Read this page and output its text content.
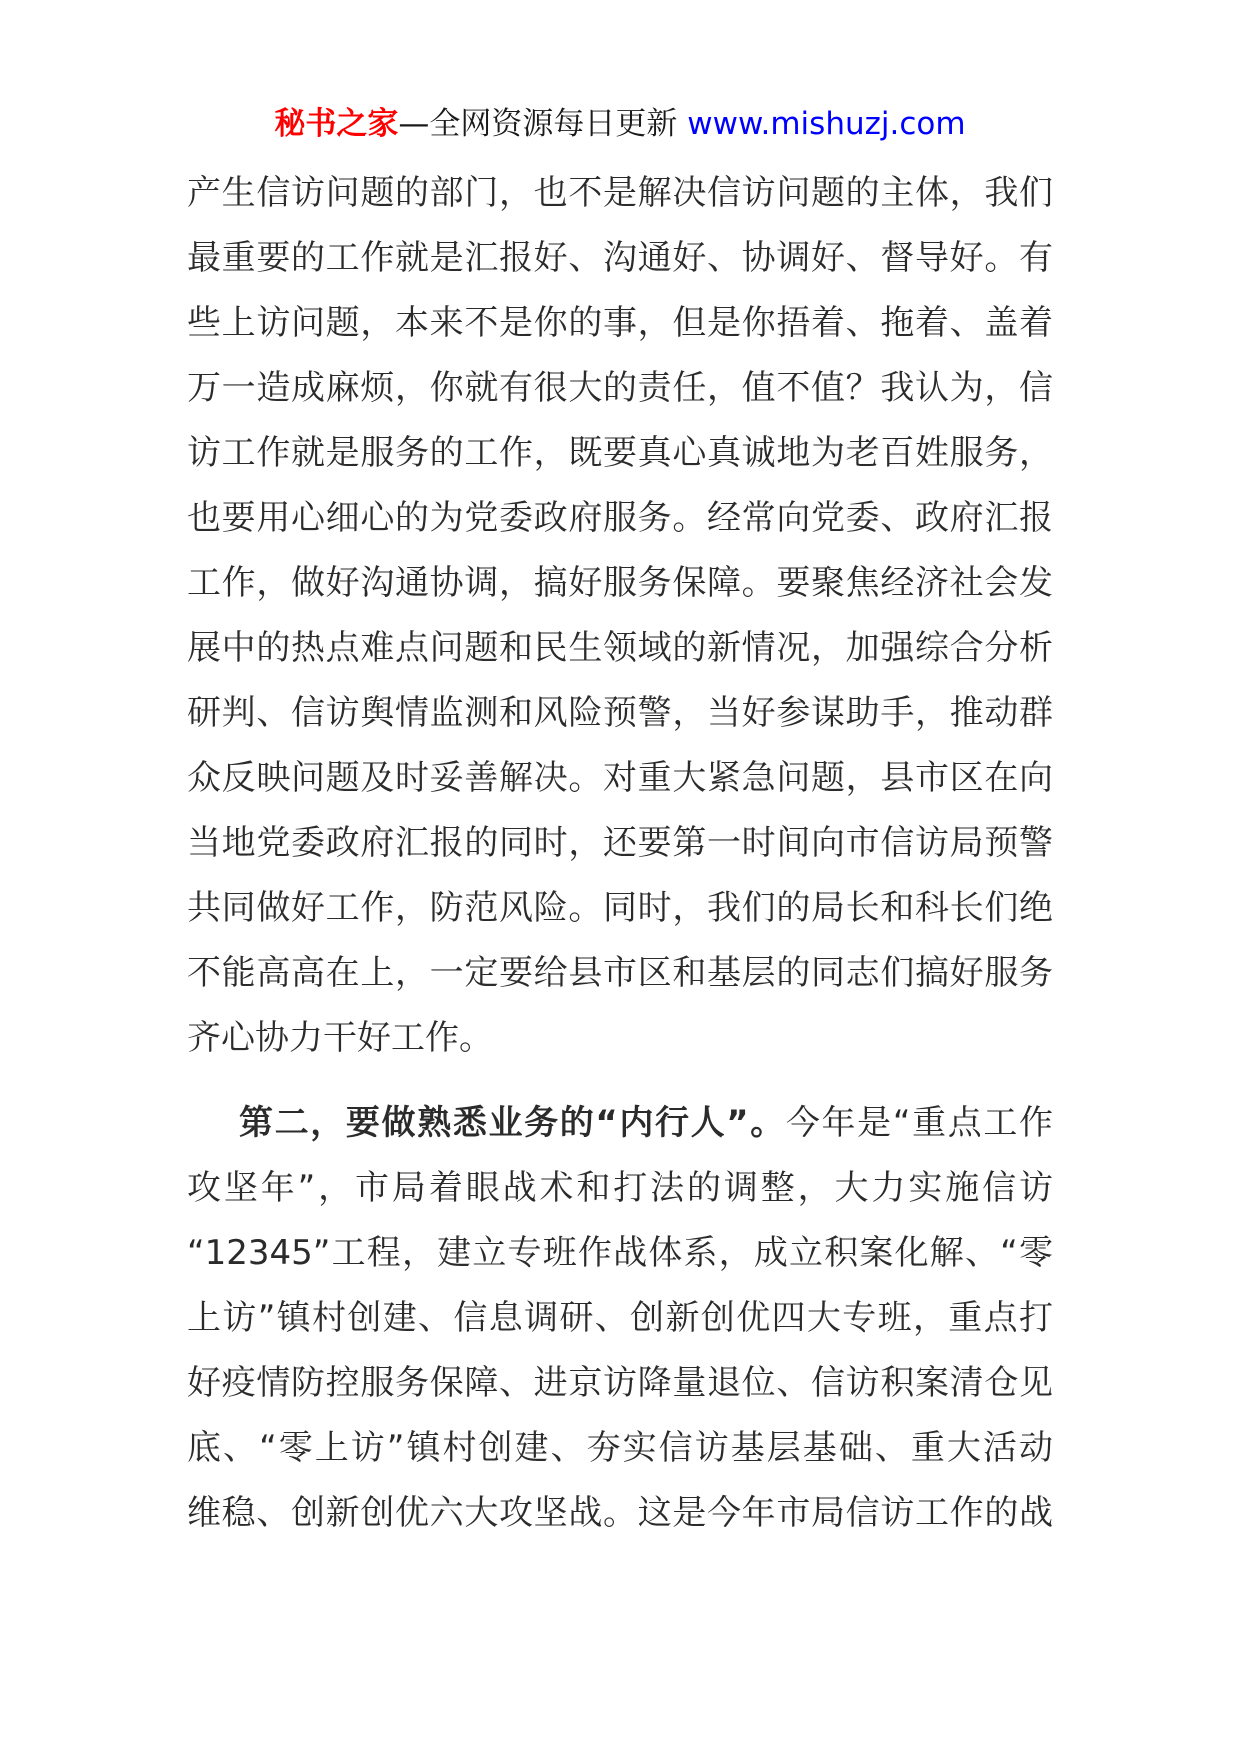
秘书之家—全网资源每日更新 www.mishuzj.com
产生信访问题的部门，也不是解决信访问题的主体，我们
最重要的工作就是汇报好、沟通好、协调好、督导好。有
些上访问题，本来不是你的事，但是你捂着、拖着、盖着
万一造成麻烦，你就有很大的责任，值不值？我认为，信
访工作就是服务的工作，既要真心真诚地为老百姓服务，
也要用心细心的为党委政府服务。经常向党委、政府汇报
工作，做好沟通协调，搞好服务保障。要聚焦经济社会发
展中的热点难点问题和民生领域的新情况，加强综合分析
研判、信访舆情监测和风险预警，当好参谋助手，推动群
众反映问题及时妥善解决。对重大紧急问题，县市区在向
当地党委政府汇报的同时，还要第一时间向市信访局预警
共同做好工作，防范风险。同时，我们的局长和科长们绝
不能高高在上，一定要给县市区和基层的同志们搞好服务
齐心协力干好工作。
第二，要做熟悉业务的“内行人”。今年是“重点工作
攻坚年”，市局着眼战术和打法的调整，大力实施信访
“12345”工程，建立专班作战体系，成立积案化解、“零
上访”镇村创建、信息调研、创新创优四大专班，重点打
好疫情防控服务保障、进京访降量退位、信访积案清仓见
底、“零上访”镇村创建、夯实信访基层基础、重大活动
维稳、创新创优六大攻坚战。这是今年市局信访工作的战
